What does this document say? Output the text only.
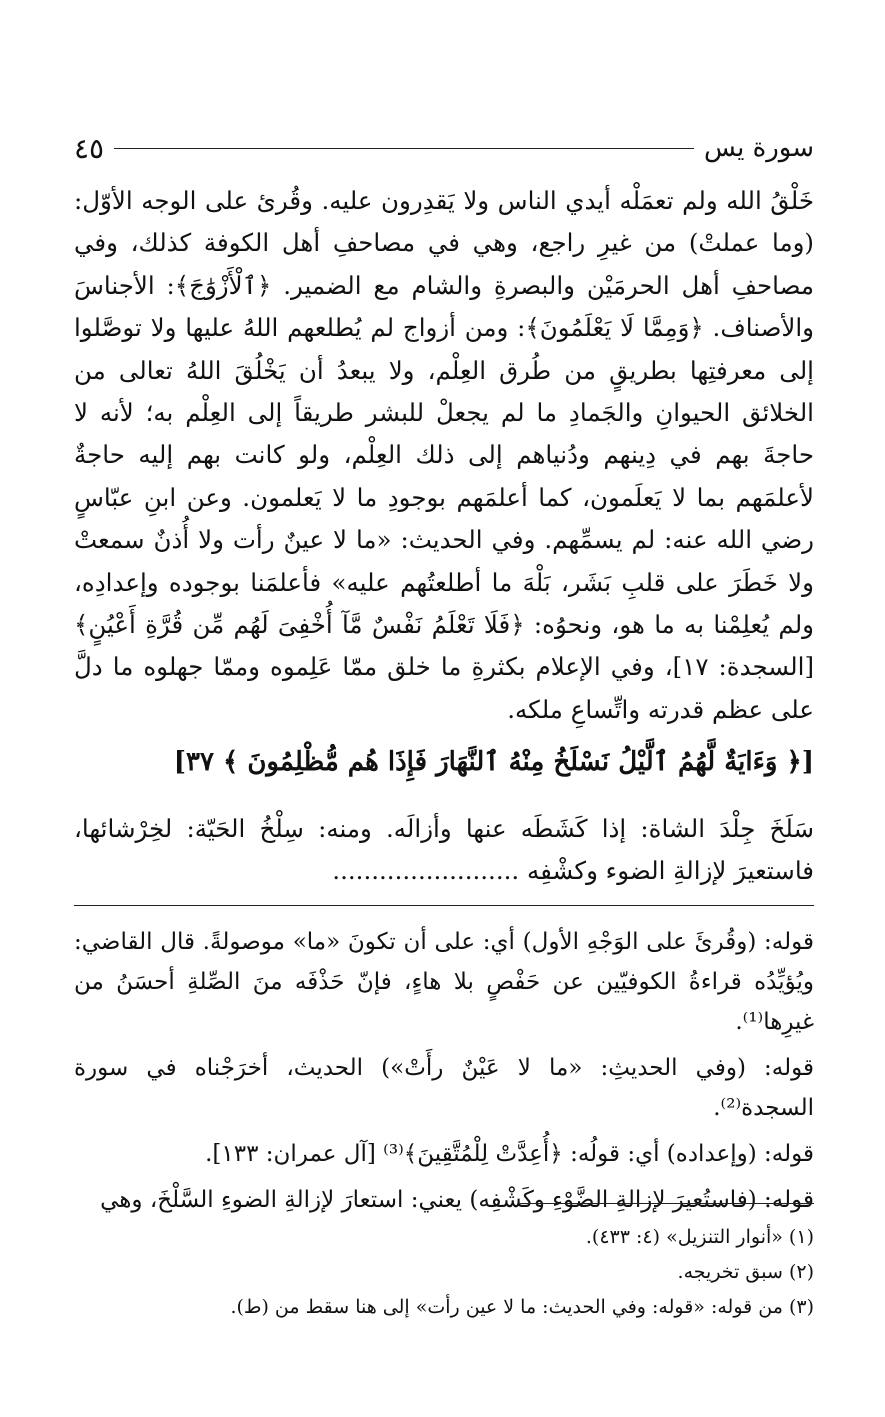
سورة يس
٤٥

خَلْقُ الله ولم تعمَلْه أيدي الناس ولا يَقدِرون عليه. وقُرئ على الوجه الأوّل: (وما عملتْ) من غيرِ راجع، وهي في مصاحفِ أهل الكوفة كذلك، وفي مصاحفِ أهل الحرمَيْن والبصرةِ والشام مع الضمير. ﴿ٱلْأَزْوَٰجَ﴾: الأجناسَ والأصناف. ﴿وَمِمَّا لَا يَعْلَمُونَ﴾: ومن أزواج لم يُطلعهم اللهُ عليها ولا توصَّلوا إلى معرفتِها بطريقٍ من طُرق العِلْم، ولا يبعدُ أن يَخْلُقَ اللهُ تعالى من الخلائق الحيوانِ والجَمادِ ما لم يجعلْ للبشر طريقاً إلى العِلْم به؛ لأنه لا حاجةَ بهم في دِينهم ودُنياهم إلى ذلك العِلْم، ولو كانت بهم إليه حاجةٌ لأعلمَهم بما لا يَعلَمون، كما أعلمَهم بوجودِ ما لا يَعلمون. وعن ابنِ عبّاسٍ رضي الله عنه: لم يسمِّهم. وفي الحديث: «ما لا عينٌ رأت ولا أُذنٌ سمعتْ ولا خَطَرَ على قلبِ بَشَر، بَلْهَ ما أطلعتُهم عليه» فأعلمَنا بوجوده وإعدادِه، ولم يُعلِمْنا به ما هو، ونحوُه: ﴿فَلَا تَعْلَمُ نَفْسٌ مَّآ أُخْفِىَ لَهُم مِّن قُرَّةِ أَعْيُنٍ﴾ [السجدة: ١٧]، وفي الإعلام بكثرةِ ما خلق ممّا عَلِموه وممّا جهلوه ما دلَّ على عظم قدرته واتِّساعِ ملكه.

[﴿ وَءَايَةٌ لَّهُمُ ٱلَّيْلُ نَسْلَخُ مِنْهُ ٱلنَّهَارَ فَإِذَا هُم مُّظْلِمُونَ ﴾ ٣٧]
سَلَخَ جِلْدَ الشاة: إذا كَشَطَه عنها وأزالَه. ومنه: سِلْخُ الحَيّة: لخِرْشائها، فاستعيرَ لإزالةِ الضوء وكشْفِه ........................

قوله: (وقُرئَ على الوَجْهِ الأول) أي: على أن تكونَ «ما» موصولةً. قال القاضي: ويُؤيِّدُه قراءةُ الكوفيّين عن حَفْصٍ بلا هاءٍ، فإنّ حَذْفَه منَ الصِّلةِ أحسَنُ من غيرِها⁽¹⁾.

قوله: (وفي الحديثِ: «ما لا عَيْنٌ رأَتْ») الحديث، أخرَجْناه في سورة السجدة⁽²⁾.

قوله: (وإعداده) أي: قولُه: ﴿أُعِدَّتْ لِلْمُتَّقِينَ﴾⁽³⁾ [آل عمران: ١٣٣].

قوله: (فاستُعيرَ لإزالةِ الضَّوْءِ وكَشْفِه) يعني: استعارَ لإزالةِ الضوءِ السَّلْخَ، وهي

(١) «أنوار التنزيل» (٤: ٤٣٣).
(٢) سبق تخريجه.
(٣) من قوله: «قوله: وفي الحديث: ما لا عين رأت» إلى هنا سقط من (ط).
